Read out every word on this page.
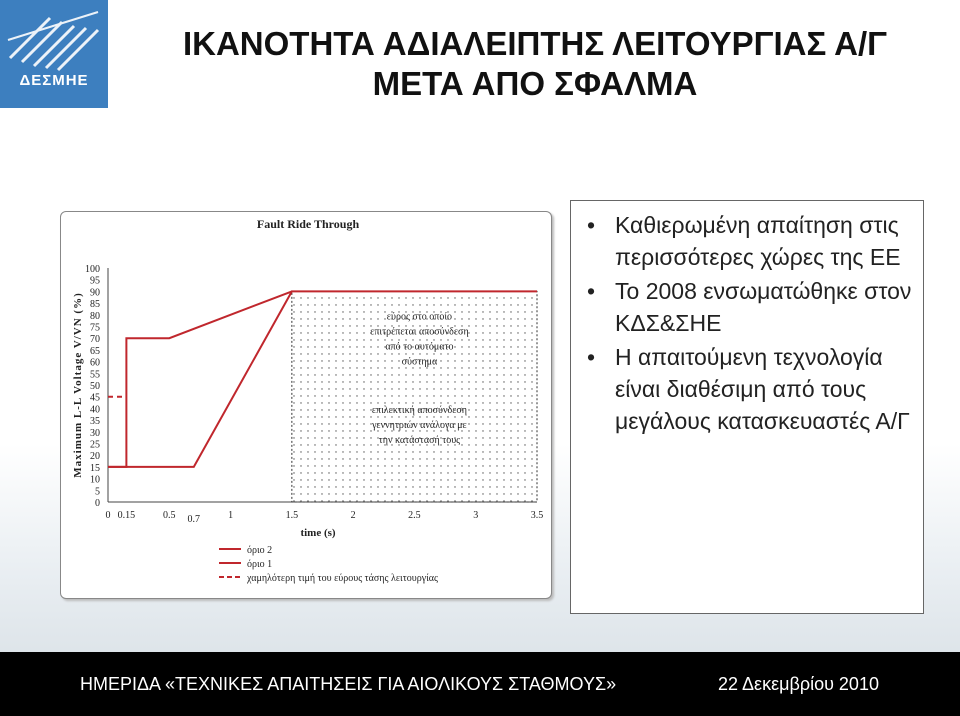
ΔΕΣΜΗΕ
ΙΚΑΝΟΤΗΤΑ ΑΔΙΑΛΕΙΠΤΗΣ ΛΕΙΤΟΥΡΓΙΑΣ Α/Γ
ΜΕΤΑ ΑΠΟ ΣΦΑΛΜΑ
Fault Ride Through
time (s)
Maximum L-L Voltage V/VN (%)
0
5
10
15
20
25
30
35
40
45
50
55
60
65
70
75
80
85
90
95
100
0 0.15	0.5 0.7	1	1.5	2	2.5	3	3.5
εύρος στο οποίο
επιτρέπεται αποσύνδεση
από το αυτόματο
σύστημα
επιλεκτική αποσύνδεση
γεννητριών ανάλογα με
την κατάστασή τους
όριο 2
όριο 1
χαμηλότερη τιμή του εύρους τάσης λειτουργίας
• Καθιερωμένη απαίτηση στις περισσότερες χώρες της ΕΕ
• Το 2008 ενσωματώθηκε στον ΚΔΣ&ΣΗΕ
• Η απαιτούμενη τεχνολογία είναι διαθέσιμη από τους μεγάλους κατασκευαστές Α/Γ
ΗΜΕΡΙΔΑ «ΤΕΧΝΙΚΕΣ ΑΠΑΙΤΗΣΕΙΣ ΓΙΑ ΑΙΟΛΙΚΟΥΣ ΣΤΑΘΜΟΥΣ»	22 Δεκεμβρίου 2010
